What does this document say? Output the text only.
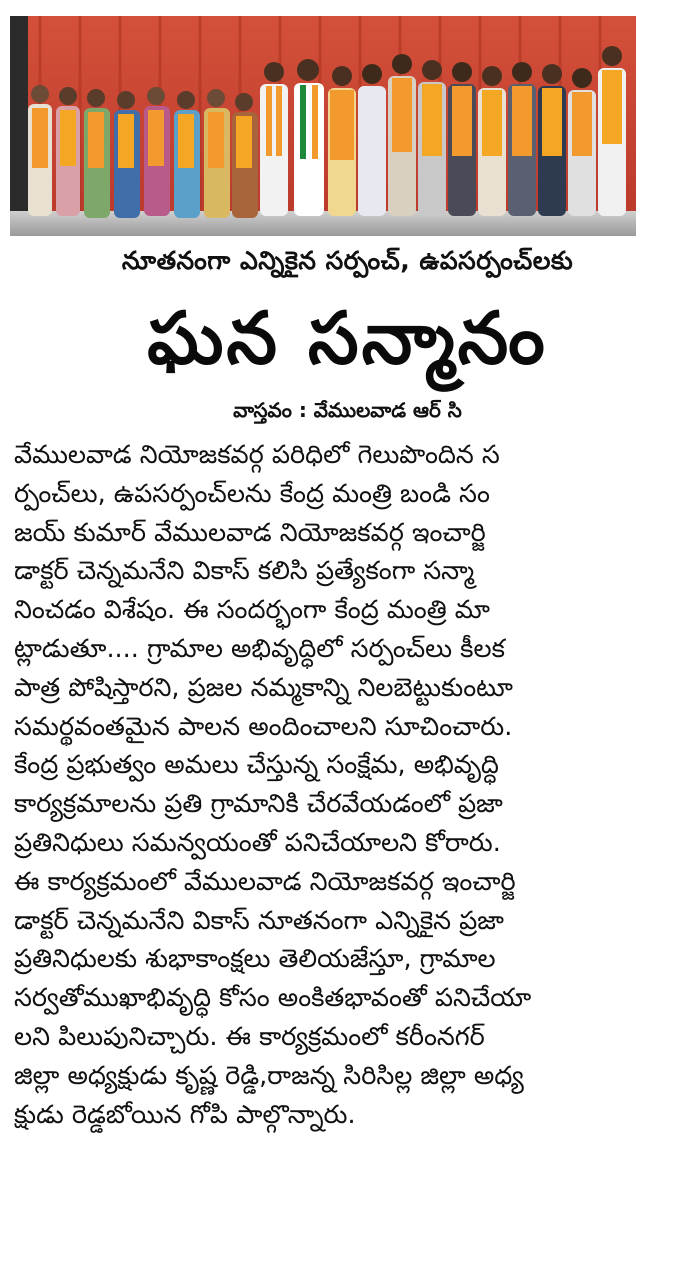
నూతనంగా ఎన్నికైన సర్పంచ్, ఉపసర్పంచ్‌లకు
ఘన సన్మానం
వాస్తవం : వేములవాడ ఆర్ సి
వేములవాడ నియోజకవర్గ పరిధిలో గెలుపొందిన స
ర్పంచ్‌లు, ఉపసర్పంచ్‌లను కేంద్ర మంత్రి బండి సం
జయ్ కుమార్ వేములవాడ నియోజకవర్గ ఇంచార్జి
డాక్టర్ చెన్నమనేని వికాస్ కలిసి ప్రత్యేకంగా సన్మా
నించడం విశేషం. ఈ సందర్భంగా కేంద్ర మంత్రి మా
ట్లాడుతూ.... గ్రామాల అభివృద్ధిలో సర్పంచ్‌లు కీలక
పాత్ర పోషిస్తారని, ప్రజల నమ్మకాన్ని నిలబెట్టుకుంటూ
సమర్థవంతమైన పాలన అందించాలని సూచించారు.
కేంద్ర ప్రభుత్వం అమలు చేస్తున్న సంక్షేమ, అభివృద్ధి
కార్యక్రమాలను ప్రతి గ్రామానికి చేరవేయడంలో ప్రజా
ప్రతినిధులు సమన్వయంతో పనిచేయాలని కోరారు.
ఈ కార్యక్రమంలో వేములవాడ నియోజకవర్గ ఇంచార్జి
డాక్టర్ చెన్నమనేని వికాస్ నూతనంగా ఎన్నికైన ప్రజా
ప్రతినిధులకు శుభాకాంక్షలు తెలియజేస్తూ, గ్రామాల
సర్వతోముఖాభివృద్ధి కోసం అంకితభావంతో పనిచేయా
లని పిలుపునిచ్చారు. ఈ కార్యక్రమంలో కరీంనగర్
జిల్లా అధ్యక్షుడు కృష్ణ రెడ్డి,రాజన్న సిరిసిల్ల జిల్లా అధ్య
క్షుడు రెడ్డబోయిన గోపి పాల్గొన్నారు.
